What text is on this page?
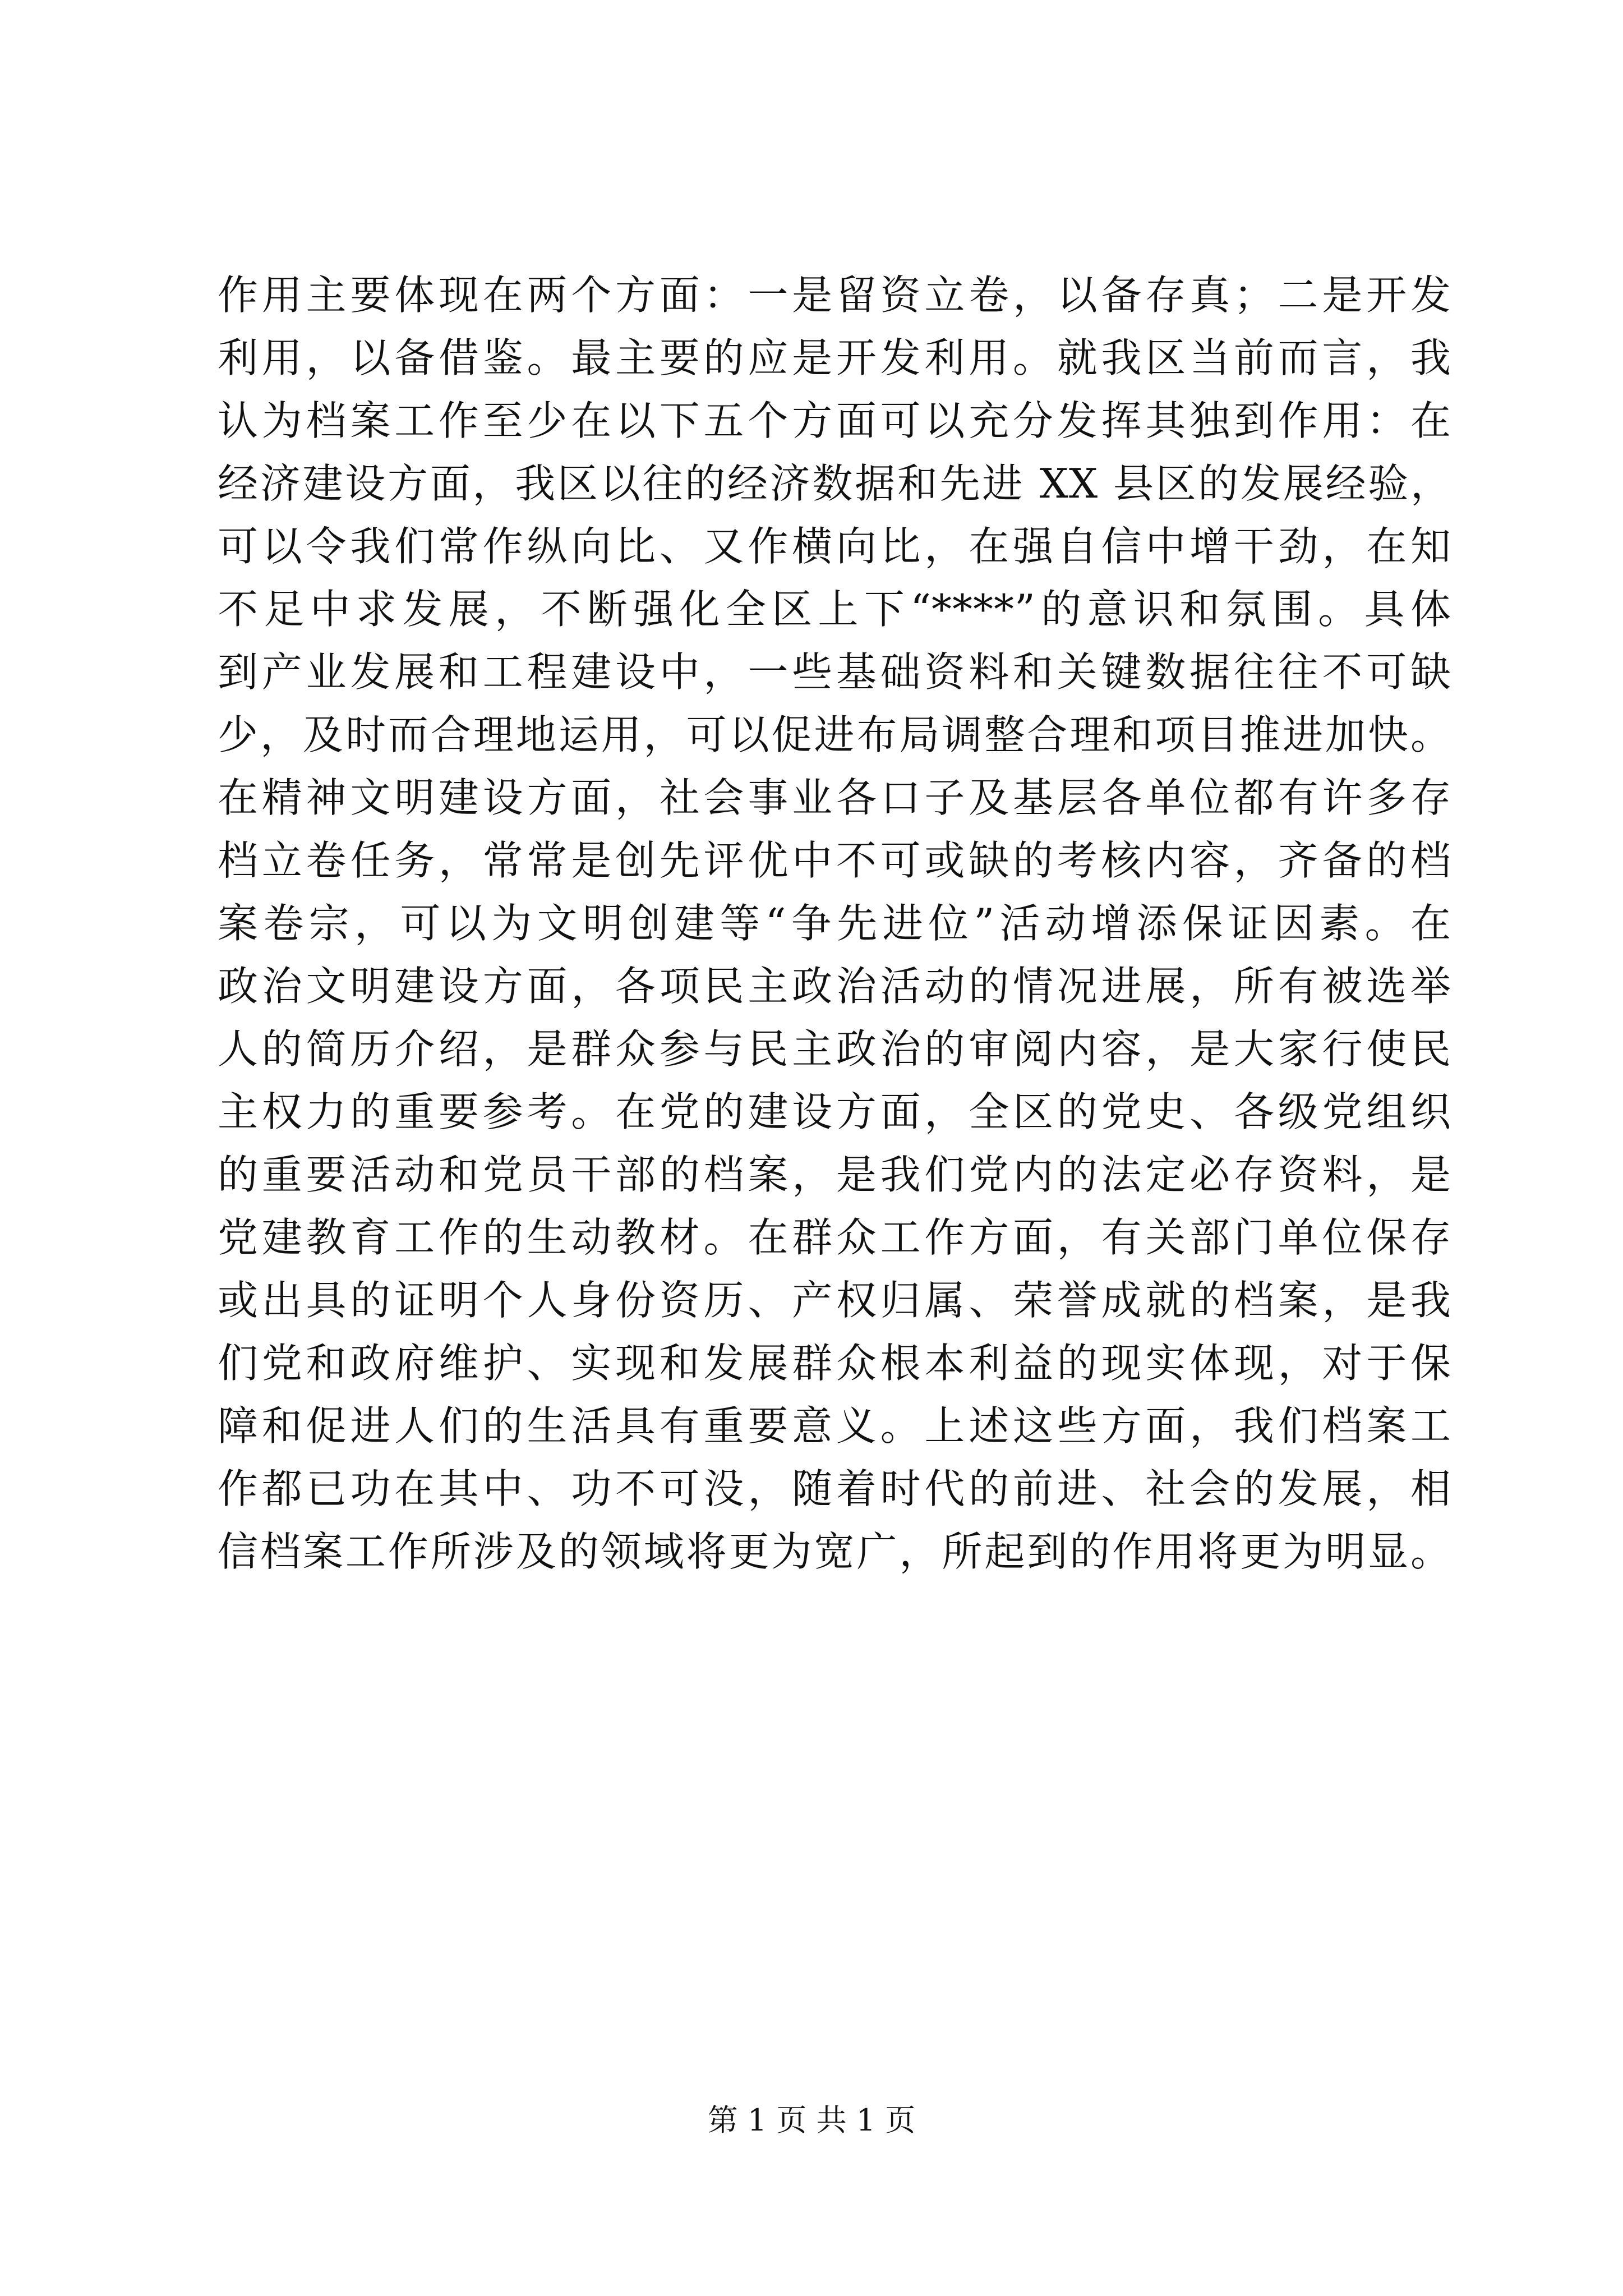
作用主要体现在两个方面：一是留资立卷，以备存真；二是开发
利用，以备借鉴。最主要的应是开发利用。就我区当前而言，我
认为档案工作至少在以下五个方面可以充分发挥其独到作用：在
经济建设方面，我区以往的经济数据和先进 XX 县区的发展经验，
可以令我们常作纵向比、又作横向比，在强自信中增干劲，在知
不足中求发展，不断强化全区上下“****”的意识和氛围。具体
到产业发展和工程建设中，一些基础资料和关键数据往往不可缺
少，及时而合理地运用，可以促进布局调整合理和项目推进加快。
在精神文明建设方面，社会事业各口子及基层各单位都有许多存
档立卷任务，常常是创先评优中不可或缺的考核内容，齐备的档
案卷宗，可以为文明创建等“争先进位”活动增添保证因素。在
政治文明建设方面，各项民主政治活动的情况进展，所有被选举
人的简历介绍，是群众参与民主政治的审阅内容，是大家行使民
主权力的重要参考。在党的建设方面，全区的党史、各级党组织
的重要活动和党员干部的档案，是我们党内的法定必存资料，是
党建教育工作的生动教材。在群众工作方面，有关部门单位保存
或出具的证明个人身份资历、产权归属、荣誉成就的档案，是我
们党和政府维护、实现和发展群众根本利益的现实体现，对于保
障和促进人们的生活具有重要意义。上述这些方面，我们档案工
作都已功在其中、功不可没，随着时代的前进、社会的发展，相
信档案工作所涉及的领域将更为宽广，所起到的作用将更为明显。
第 1 页 共 1 页
